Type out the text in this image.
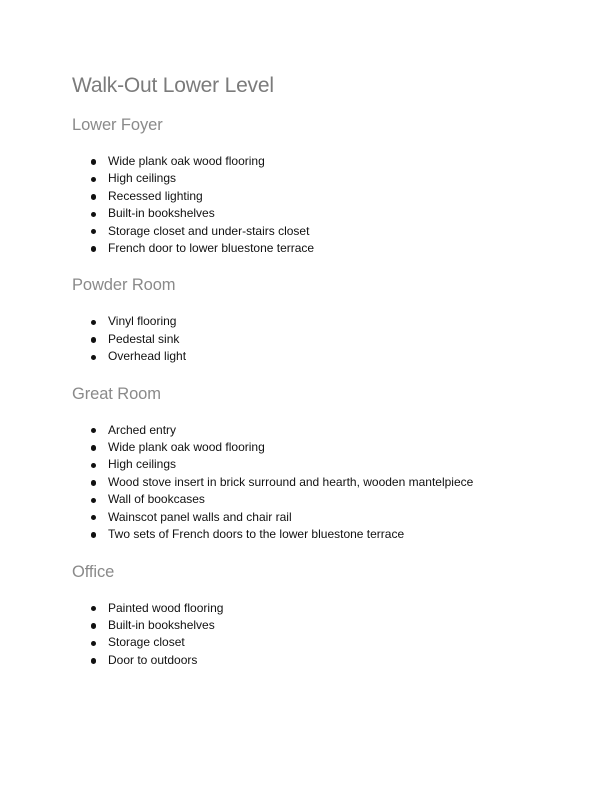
Walk-Out Lower Level
Lower Foyer
Wide plank oak wood flooring
High ceilings
Recessed lighting
Built-in bookshelves
Storage closet and under-stairs closet
French door to lower bluestone terrace
Powder Room
Vinyl flooring
Pedestal sink
Overhead light
Great Room
Arched entry
Wide plank oak wood flooring
High ceilings
Wood stove insert in brick surround and hearth, wooden mantelpiece
Wall of bookcases
Wainscot panel walls and chair rail
Two sets of French doors to the lower bluestone terrace
Office
Painted wood flooring
Built-in bookshelves
Storage closet
Door to outdoors
